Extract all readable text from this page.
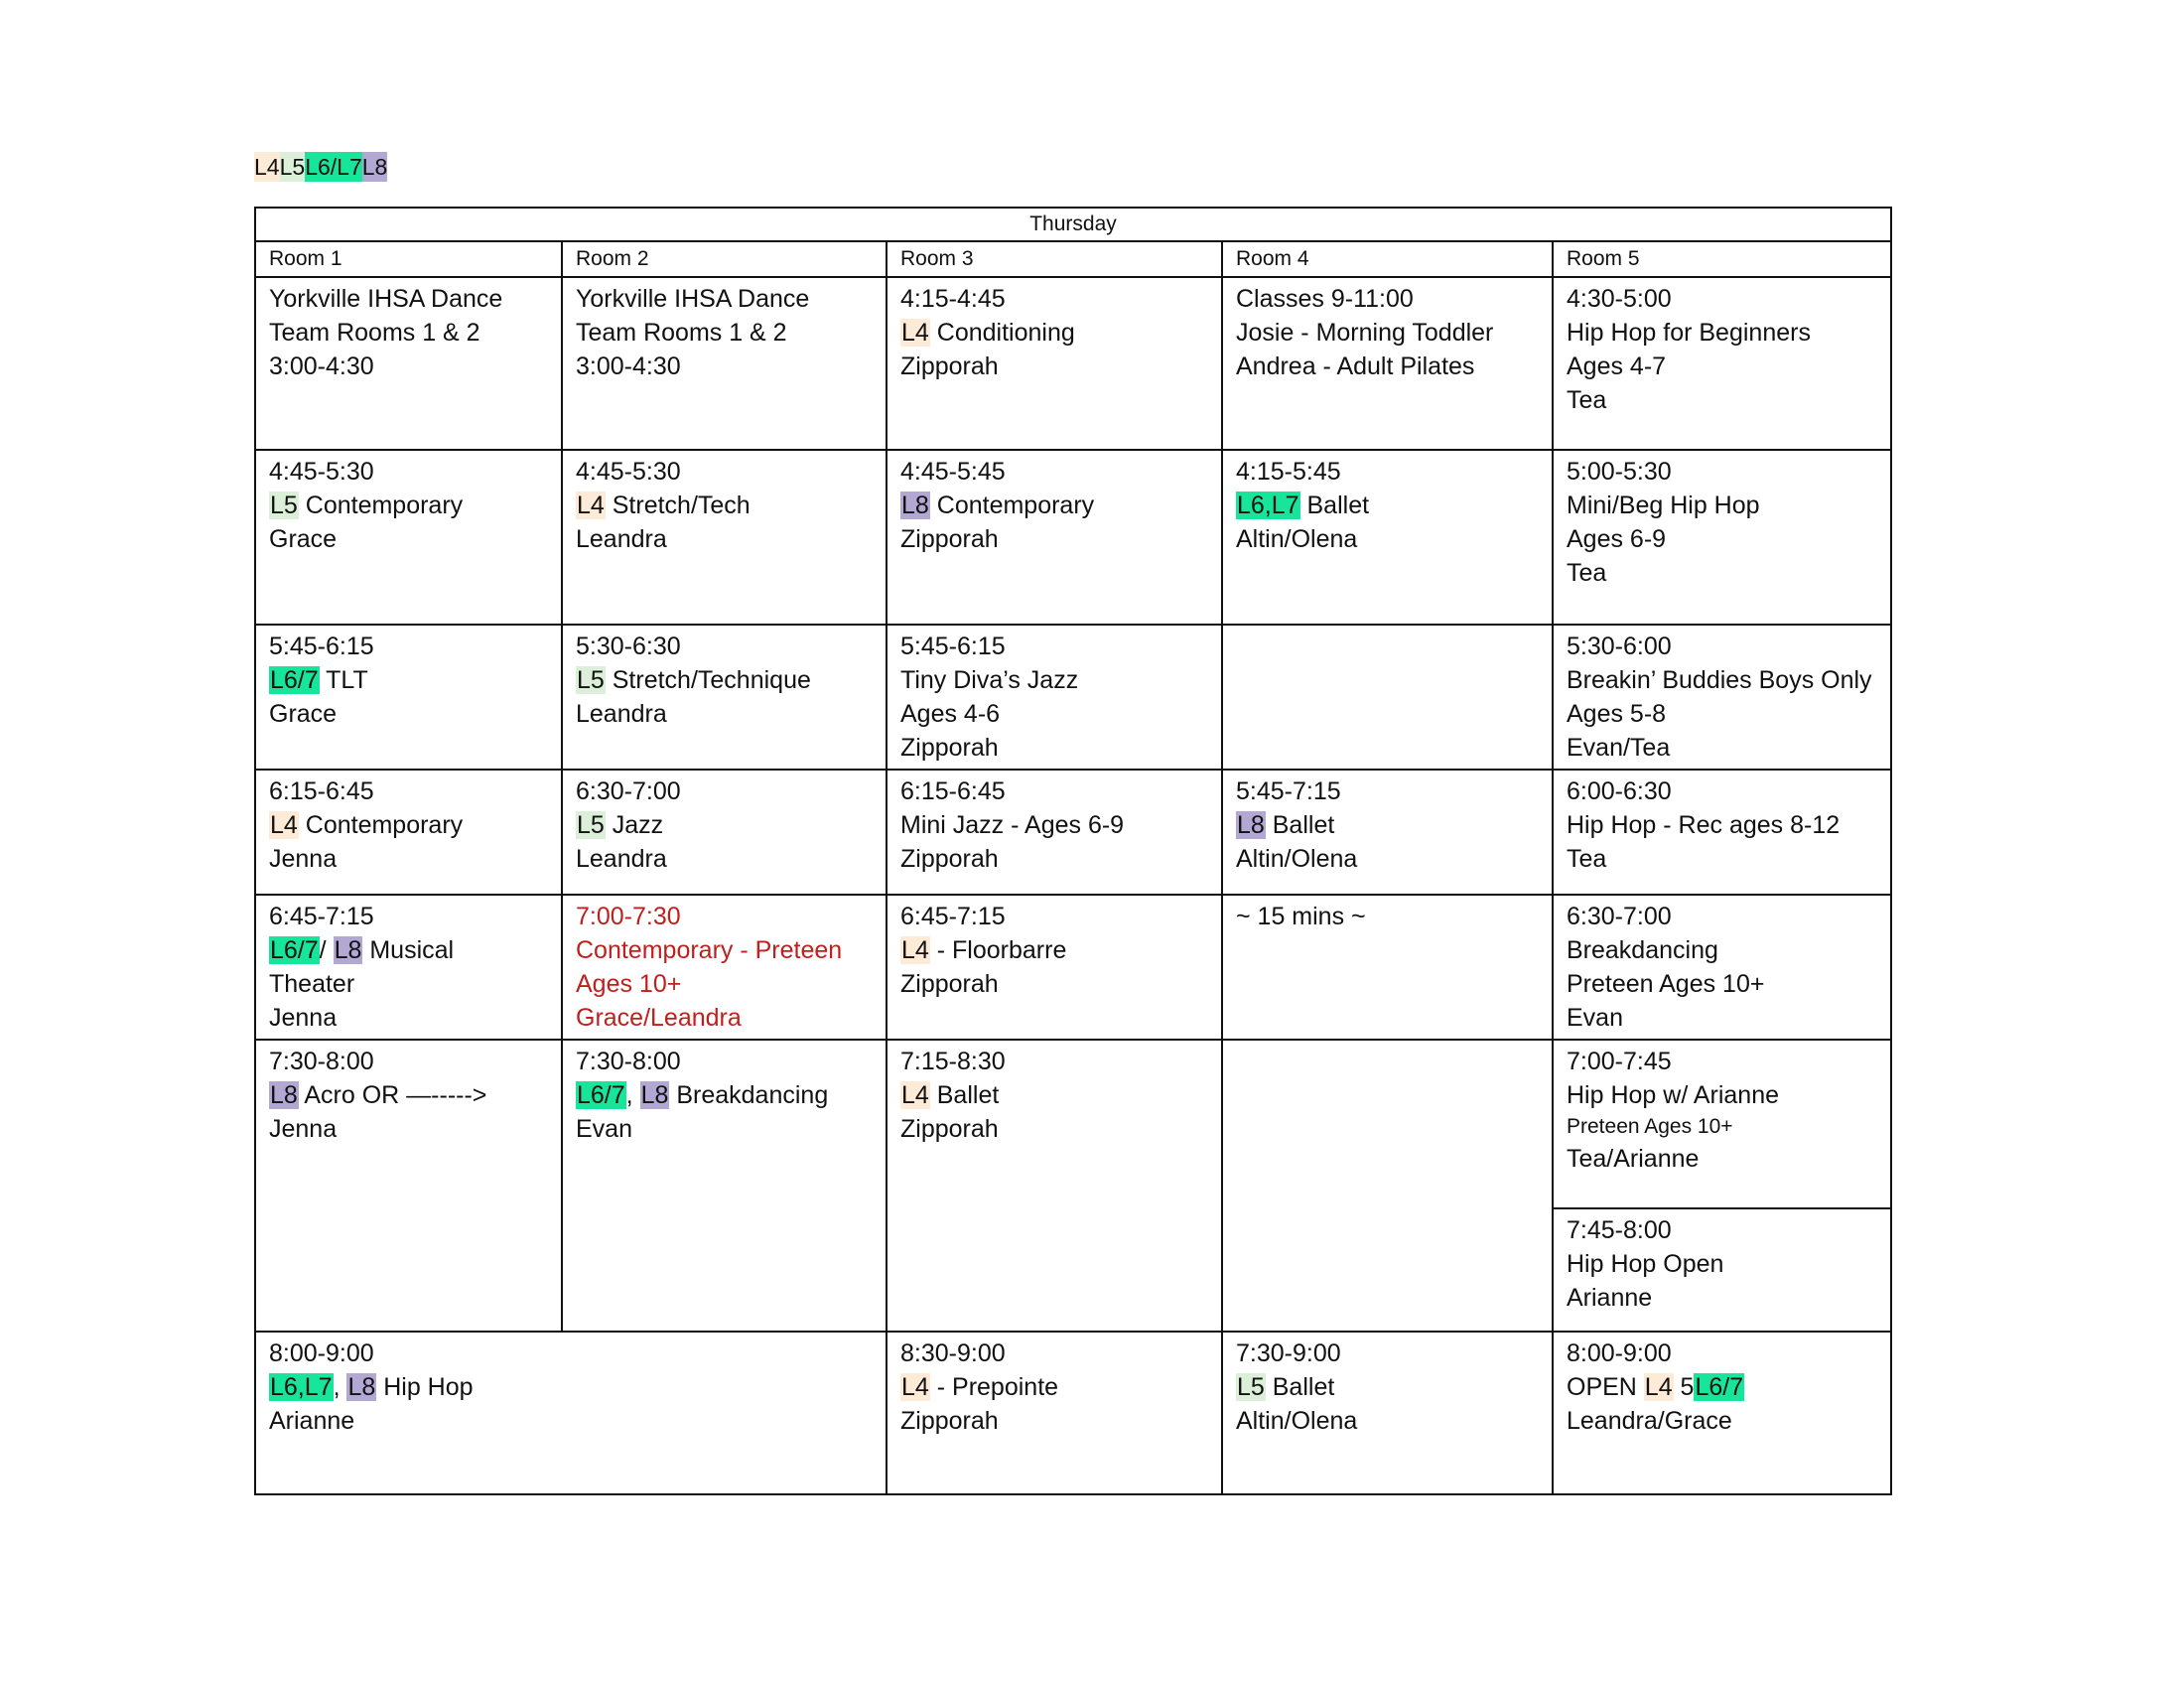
L4L5L6/L7L8
Thursday				
Room 1	Room 2	Room 3	Room 4	Room 5

Yorkville IHSA Dance
Team Rooms 1 & 2
3:00-4:30	Yorkville IHSA Dance
Team Rooms 1 & 2
3:00-4:30	4:15-4:45
L4 Conditioning
Zipporah	Classes 9-11:00
Josie - Morning Toddler
Andrea - Adult Pilates	4:30-5:00
Hip Hop for Beginners
Ages 4-7
Tea

4:45-5:30
L5 Contemporary
Grace	4:45-5:30
L4 Stretch/Tech
Leandra	4:45-5:45
L8 Contemporary
Zipporah	4:15-5:45
L6,L7 Ballet
Altin/Olena	5:00-5:30
Mini/Beg Hip Hop
Ages 6-9
Tea

5:45-6:15
L6/7 TLT
Grace	5:30-6:30
L5 Stretch/Technique
Leandra	5:45-6:15
Tiny Diva’s Jazz
Ages 4-6
Zipporah		5:30-6:00
Breakin’ Buddies Boys Only
Ages 5-8
Evan/Tea

6:15-6:45
L4 Contemporary
Jenna	6:30-7:00
L5 Jazz
Leandra	6:15-6:45
Mini Jazz - Ages 6-9
Zipporah	5:45-7:15
L8 Ballet
Altin/Olena	6:00-6:30
Hip Hop - Rec ages 8-12
Tea

6:45-7:15
L6/7/ L8 Musical
Theater
Jenna	7:00-7:30
Contemporary - Preteen
Ages 10+
Grace/Leandra	6:45-7:15
L4 - Floorbarre
Zipporah	~ 15 mins ~	6:30-7:00
Breakdancing
Preteen Ages 10+
Evan

7:30-8:00
L8 Acro OR —----->
Jenna	7:30-8:00
L6/7, L8 Breakdancing
Evan	7:15-8:30
L4 Ballet
Zipporah		7:00-7:45
Hip Hop w/ Arianne
Preteen Ages 10+
Tea/Arianne

				7:45-8:00
Hip Hop Open
Arianne

8:00-9:00
L6,L7, L8 Hip Hop
Arianne		8:30-9:00
L4 - Prepointe
Zipporah	7:30-9:00
L5 Ballet
Altin/Olena	8:00-9:00
OPEN L4 5L6/7
Leandra/Grace
